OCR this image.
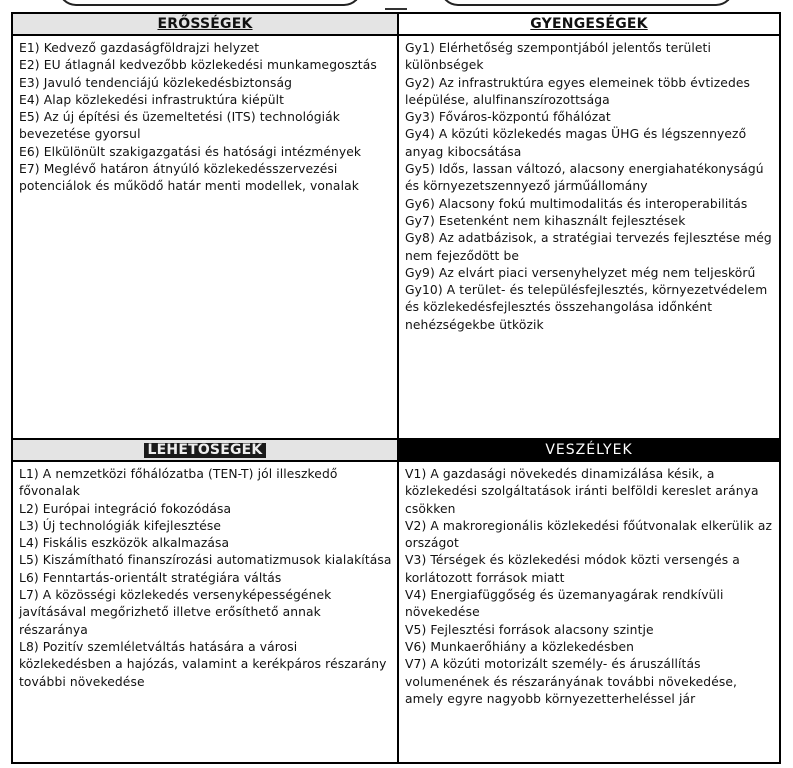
ERŐSSÉGEK

E1) Kedvező gazdaságföldrajzi helyzet

E2) EU átlagnál kedvezőbb közlekedési munkamegosztás

E3) Javuló tendenciájú közlekedésbiztonság

E4) Alap közlekedési infrastruktúra kiépült

E5) Az új építési és üzemeltetési (ITS) technológiák bevezetése gyorsul

E6) Elkülönült szakigazgatási és hatósági intézmények

E7) Meglévő határon átnyúló közlekedésszervezési potenciálok és működő határ menti modellek, vonalak

GYENGESÉGEK

Gy1) Elérhetőség szempontjából jelentős területi különbségek

Gy2) Az infrastruktúra egyes elemeinek több évtizedes leépülése, alulfinanszírozottsága

Gy3) Főváros-központú főhálózat

Gy4) A közúti közlekedés magas ÜHG és légszennyező anyag kibocsátása

Gy5) Idős, lassan változó, alacsony energiahatékonyságú és környezetszennyező járműállomány

Gy6) Alacsony fokú multimodalitás és interoperabilitás

Gy7) Esetenként nem kihasznált fejlesztések

Gy8) Az adatbázisok, a stratégiai tervezés fejlesztése még nem fejeződött be

Gy9) Az elvárt piaci versenyhelyzet még nem teljeskörű

Gy10) A terület- és településfejlesztés, környezetvédelem és közlekedésfejlesztés összehangolása időnként nehézségekbe ütközik

LEHETŐSÉGEK

L1) A nemzetközi főhálózatba (TEN-T) jól illeszkedő fővonalak

L2) Európai integráció fokozódása

L3) Új technológiák kifejlesztése

L4) Fiskális eszközök alkalmazása

L5) Kiszámítható finanszírozási automatizmusok kialakítása

L6) Fenntartás-orientált stratégiára váltás

L7) A közösségi közlekedés versenyképességének javításával megőrizhető illetve erősíthető annak részaránya

L8) Pozitív szemléletváltás hatására a városi közlekedésben a hajózás, valamint a kerékpáros részarány további növekedése

VESZÉLYEK

V1) A gazdasági növekedés dinamizálása késik, a közlekedési szolgáltatások iránti belföldi kereslet aránya csökken

V2) A makroregionális közlekedési főútvonalak elkerülik az országot

V3) Térségek és közlekedési módok közti versengés a korlátozott források miatt

V4) Energiafüggőség és üzemanyagárak rendkívüli növekedése

V5) Fejlesztési források alacsony szintje

V6) Munkaerőhiány a közlekedésben

V7) A közúti motorizált személy- és áruszállítás volumenének és részarányának további növekedése, amely egyre nagyobb környezetterheléssel jár
